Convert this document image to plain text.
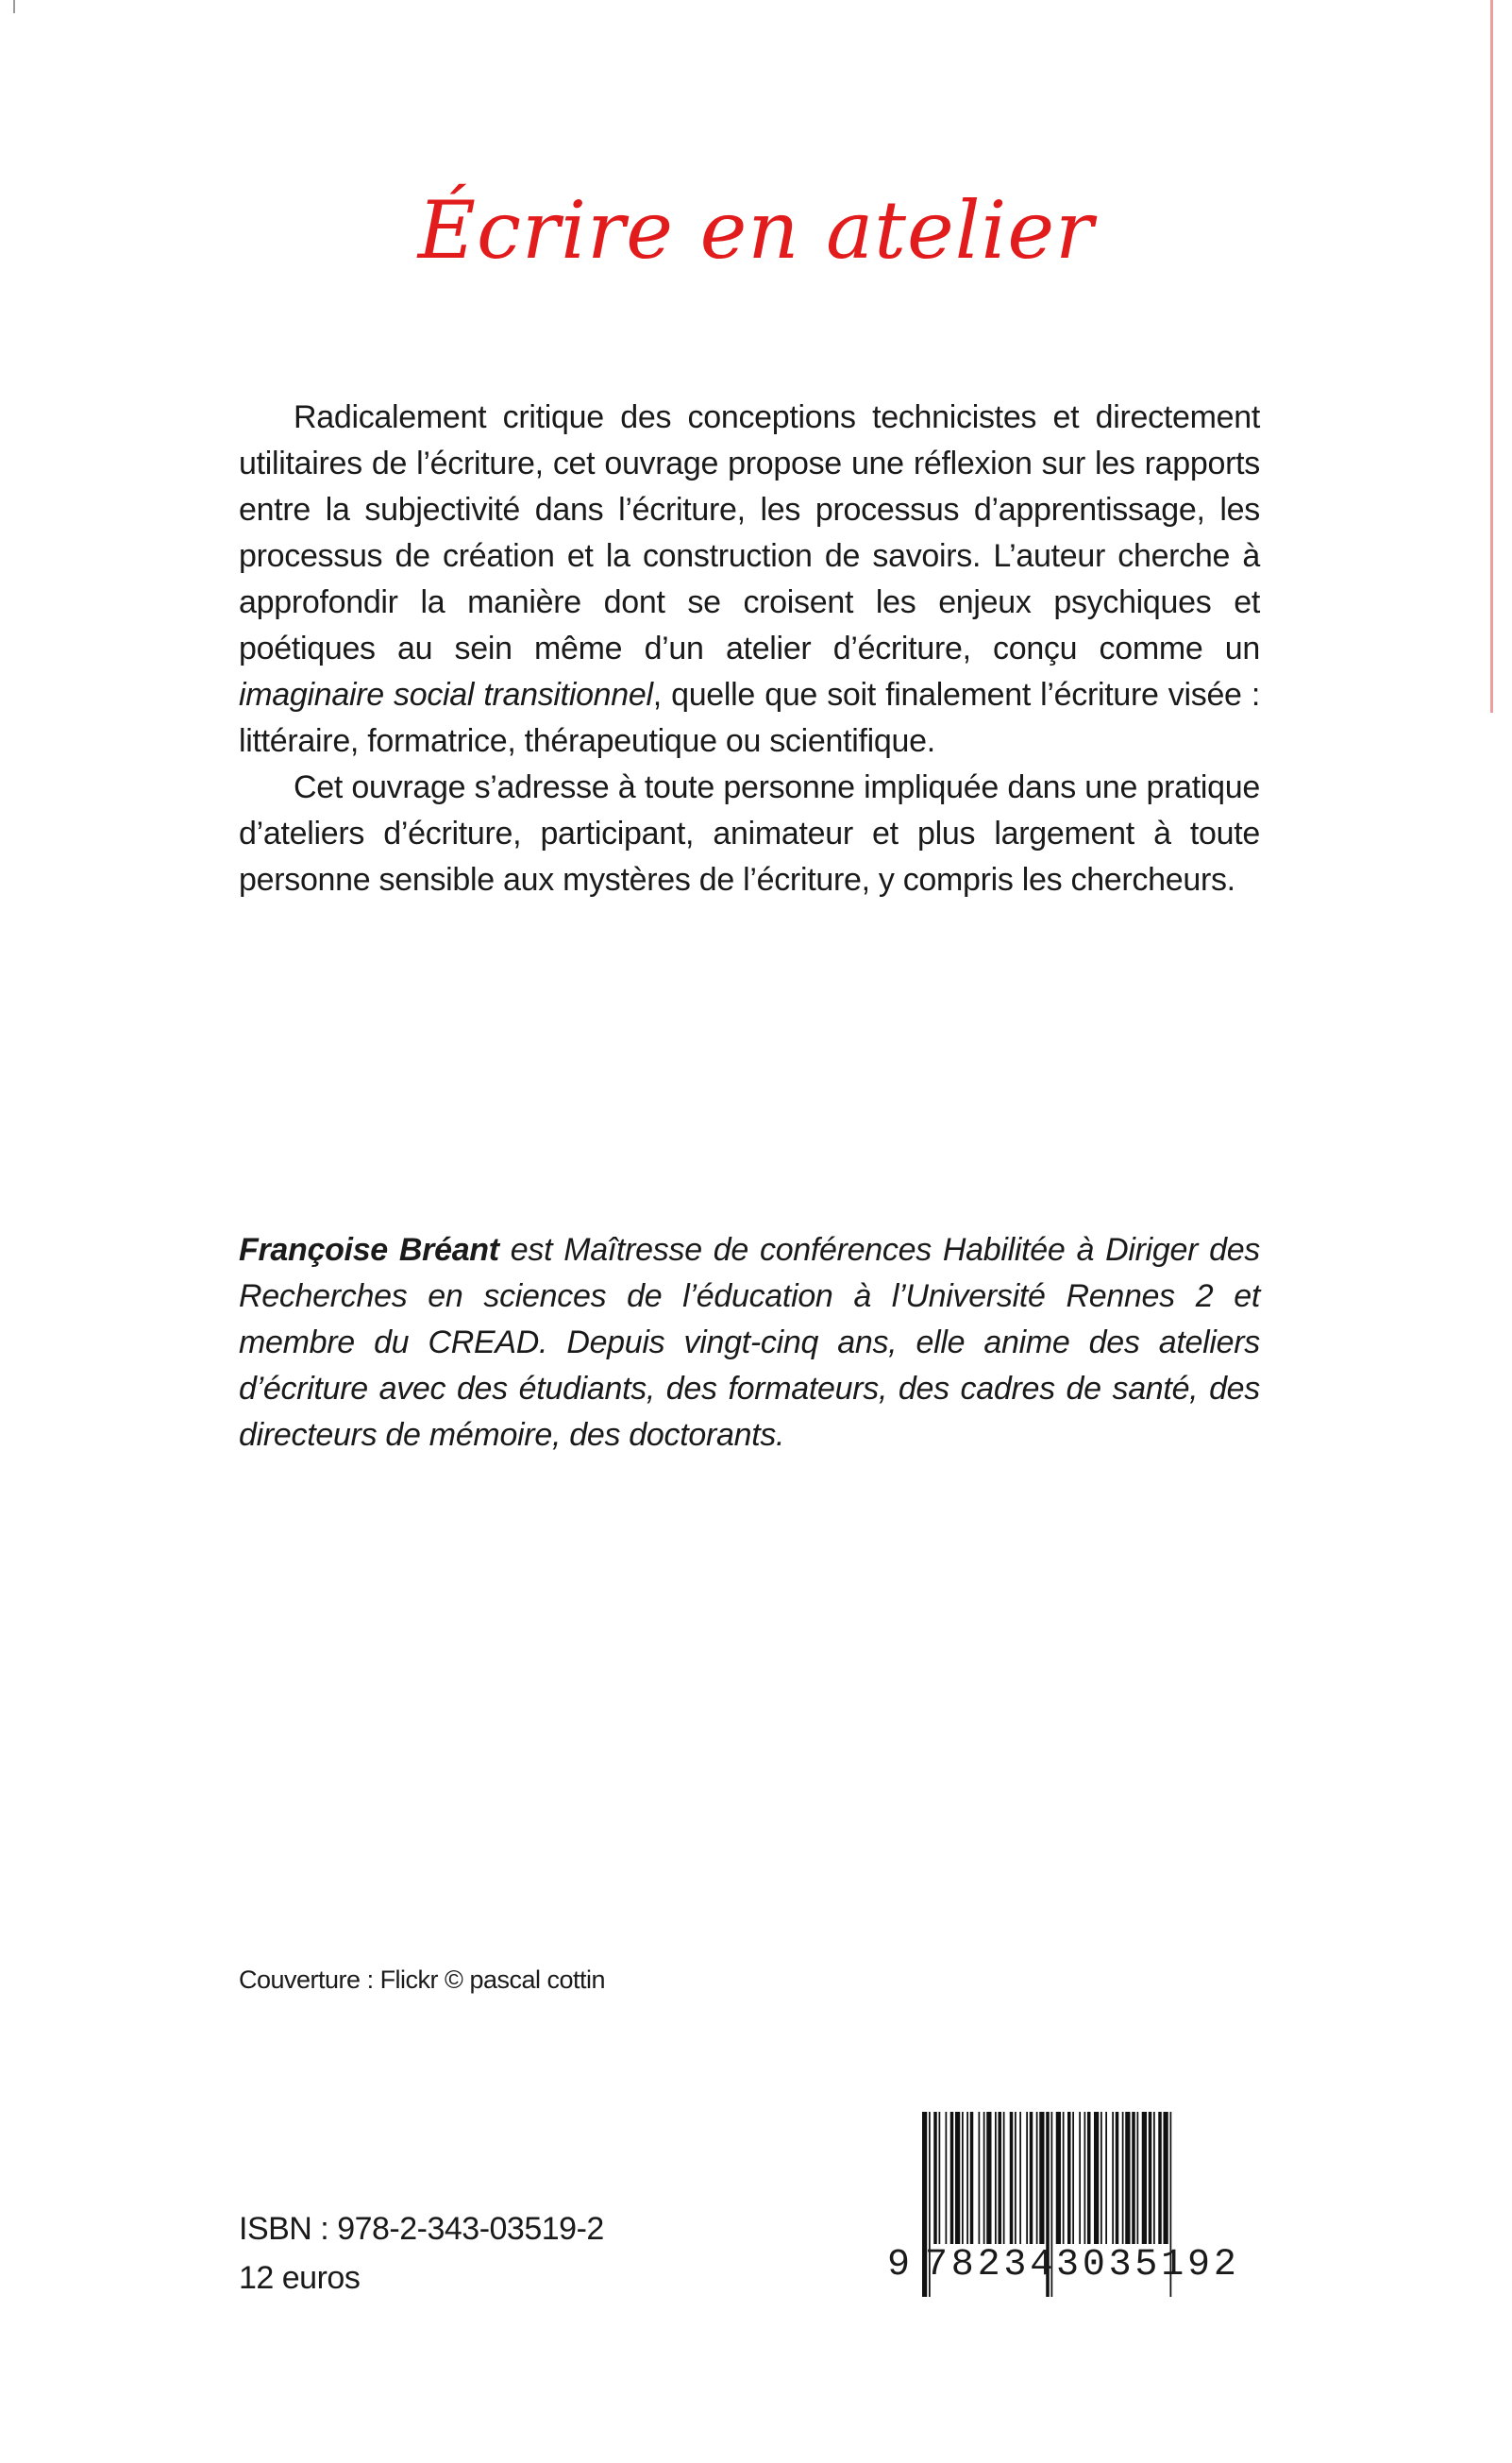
Écrire en atelier

Radicalement critique des conceptions technicistes et directement utilitaires de l’écriture, cet ouvrage propose une réflexion sur les rapports entre la subjectivité dans l’écriture, les processus d’apprentissage, les processus de création et la construction de savoirs. L’auteur cherche à approfondir la manière dont se croisent les enjeux psychiques et poétiques au sein même d’un atelier d’écriture, conçu comme un imaginaire social transitionnel, quelle que soit finalement l’écriture visée : littéraire, formatrice, thérapeutique ou scientifique.

Cet ouvrage s’adresse à toute personne impliquée dans une pratique d’ateliers d’écriture, participant, animateur et plus largement à toute personne sensible aux mystères de l’écriture, y compris les chercheurs.

Françoise Bréant est Maîtresse de conférences Habilitée à Diriger des Recherches en sciences de l’éducation à l’Université Rennes 2 et membre du CREAD. Depuis vingt-cinq ans, elle anime des ateliers d’écriture avec des étudiants, des formateurs, des cadres de santé, des directeurs de mémoire, des doctorants.

Couverture : Flickr © pascal cottin
ISBN : 978-2-343-03519-2
12 euros	9 782343035192
